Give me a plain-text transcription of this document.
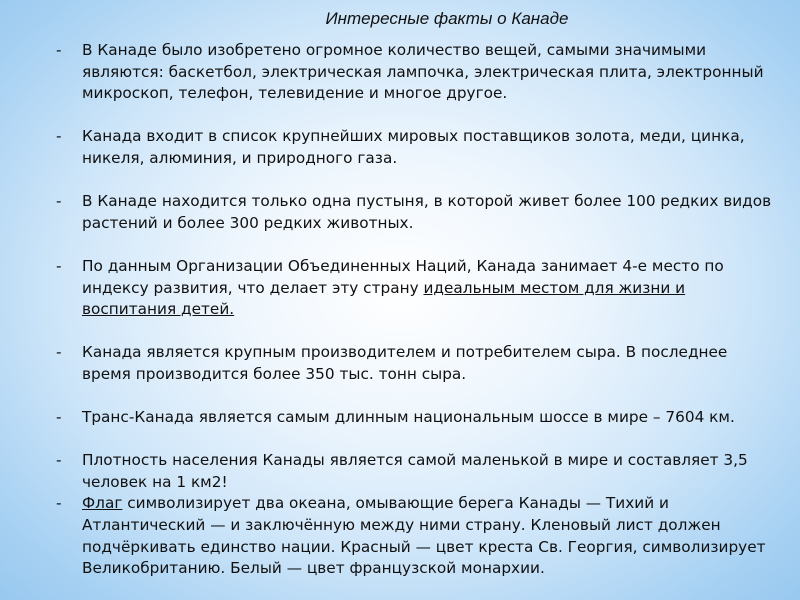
Интересные факты о Канаде
- В Канаде было изобретено огромное количество вещей, самыми значимыми являются: баскетбол, электрическая лампочка, электрическая плита, электронный микроскоп, телефон, телевидение и многое другое.
- Канада входит в список крупнейших мировых поставщиков золота, меди, цинка, никеля, алюминия, и природного газа.
- В Канаде находится только одна пустыня, в которой живет более 100 редких видов растений и более 300 редких животных.
- По данным Организации Объединенных Наций, Канада занимает 4-е место по индексу развития, что делает эту страну идеальным местом для жизни и воспитания детей.
- Канада является крупным производителем и потребителем сыра. В последнее время производится более 350 тыс. тонн сыра.
- Транс-Канада является самым длинным национальным шоссе в мире – 7604 км.
- Плотность населения Канады является самой маленькой в мире и составляет 3,5 человек на 1 км2!
- Флаг символизирует два океана, омывающие берега Канады — Тихий и Атлантический — и заключённую между ними страну. Кленовый лист должен подчёркивать единство нации. Красный — цвет креста Св. Георгия, символизирует Великобританию. Белый — цвет французской монархии.
